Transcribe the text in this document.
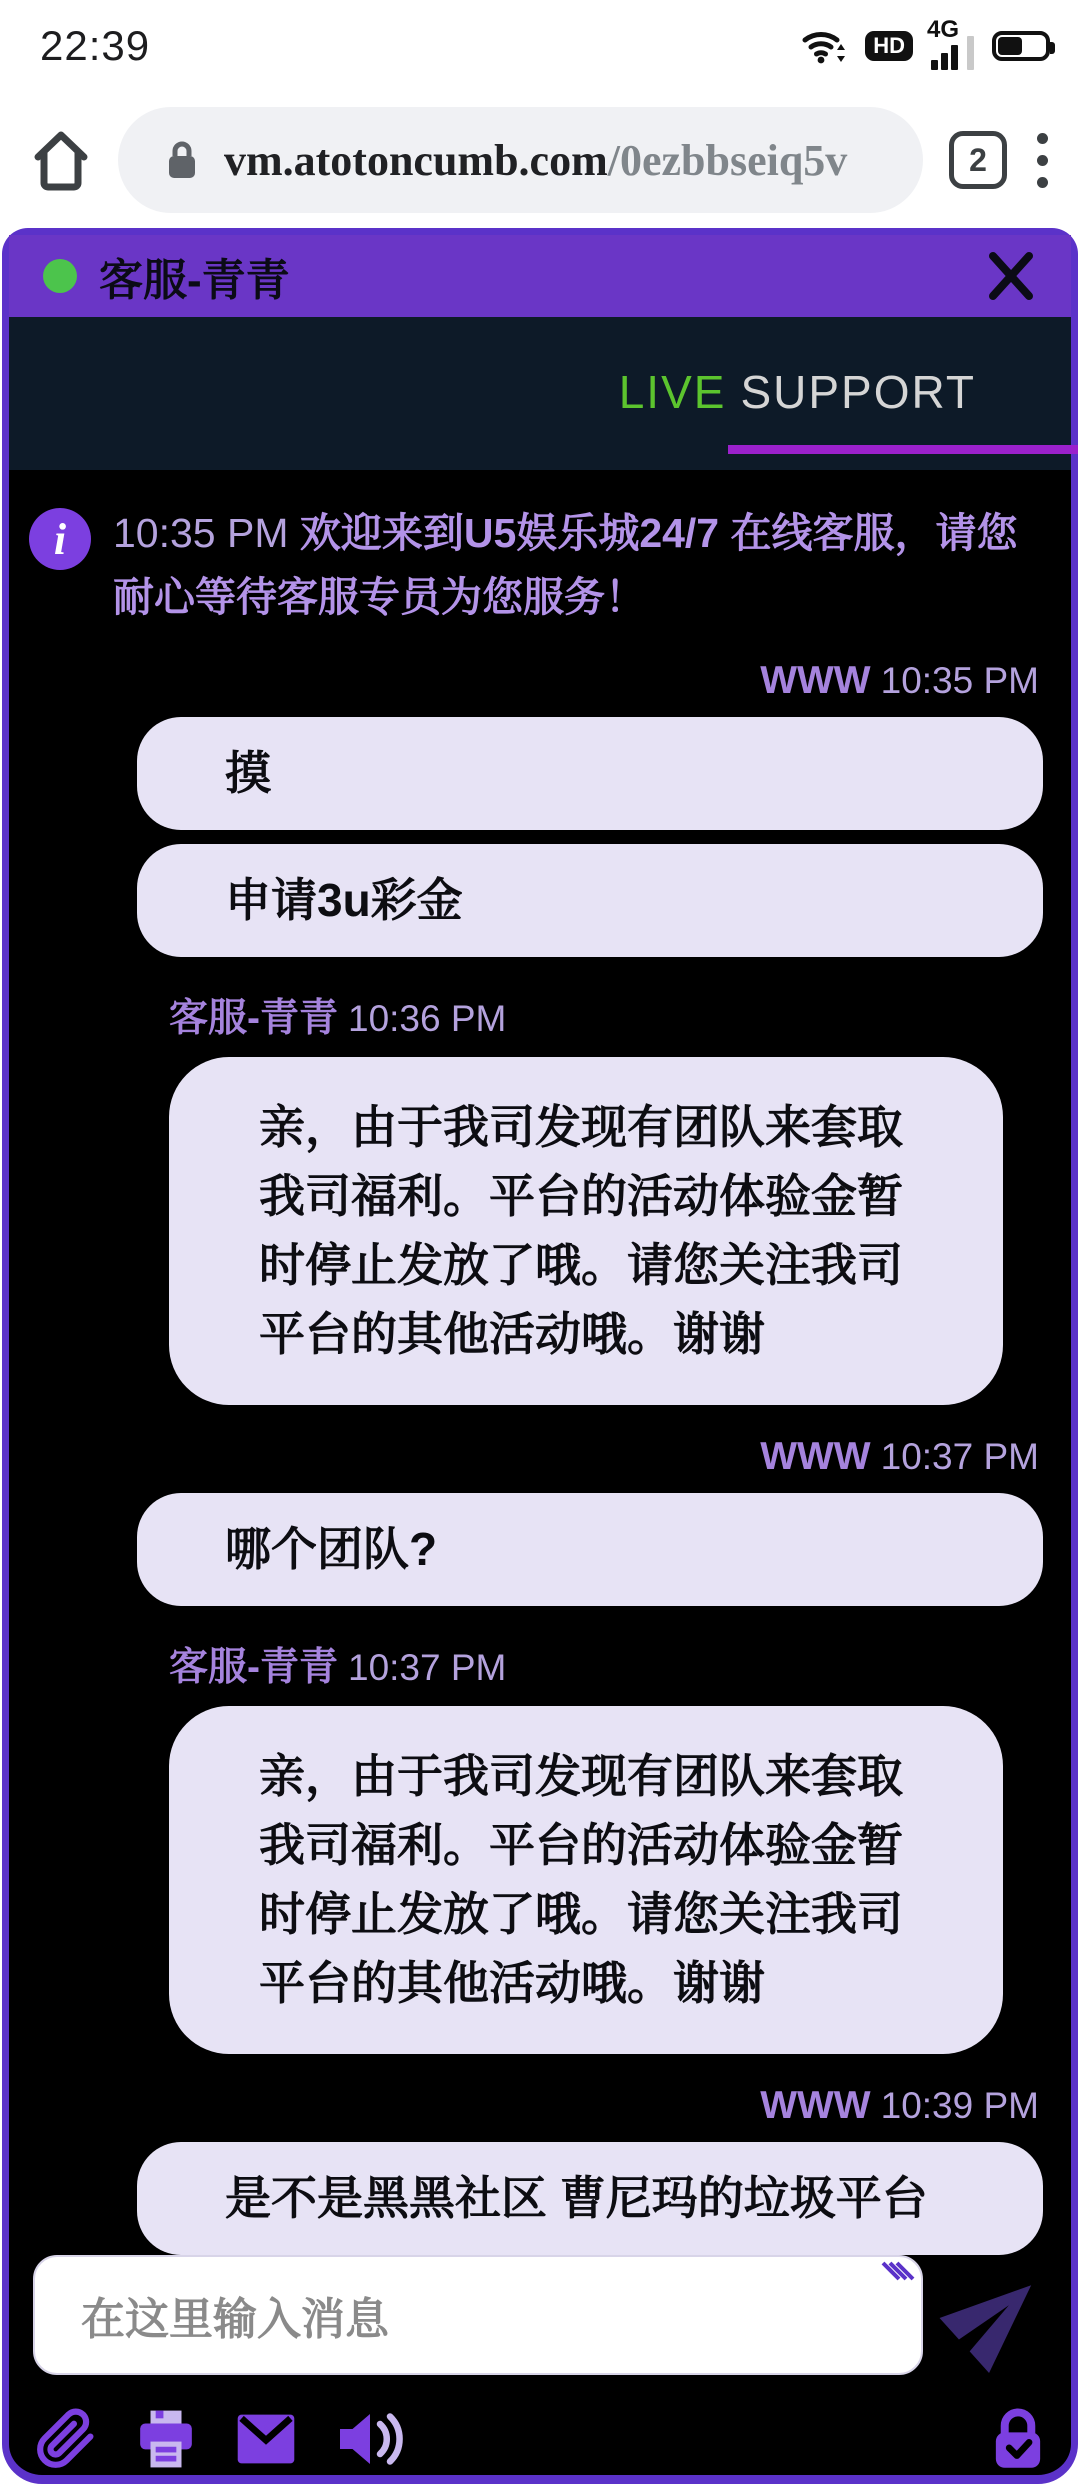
22:39	HD
4G
vm.atotoncumb.com/0ezbbseiq5v	2
客服-青青
LIVE SUPPORT
i	10:35 PM 欢迎来到U5娱乐城24/7 在线客服，请您耐心等待客服专员为您服务！
WWW 10:35 PM
摸
申请3u彩金
客服-青青 10:36 PM
亲，由于我司发现有团队来套取我司福利。平台的活动体验金暂时停止发放了哦。请您关注我司平台的其他活动哦。谢谢
WWW 10:37 PM
哪个团队?
客服-青青 10:37 PM
亲，由于我司发现有团队来套取我司福利。平台的活动体验金暂时停止发放了哦。请您关注我司平台的其他活动哦。谢谢
WWW 10:39 PM
是不是黑黑社区 曹尼玛的垃圾平台
在这里输入消息
